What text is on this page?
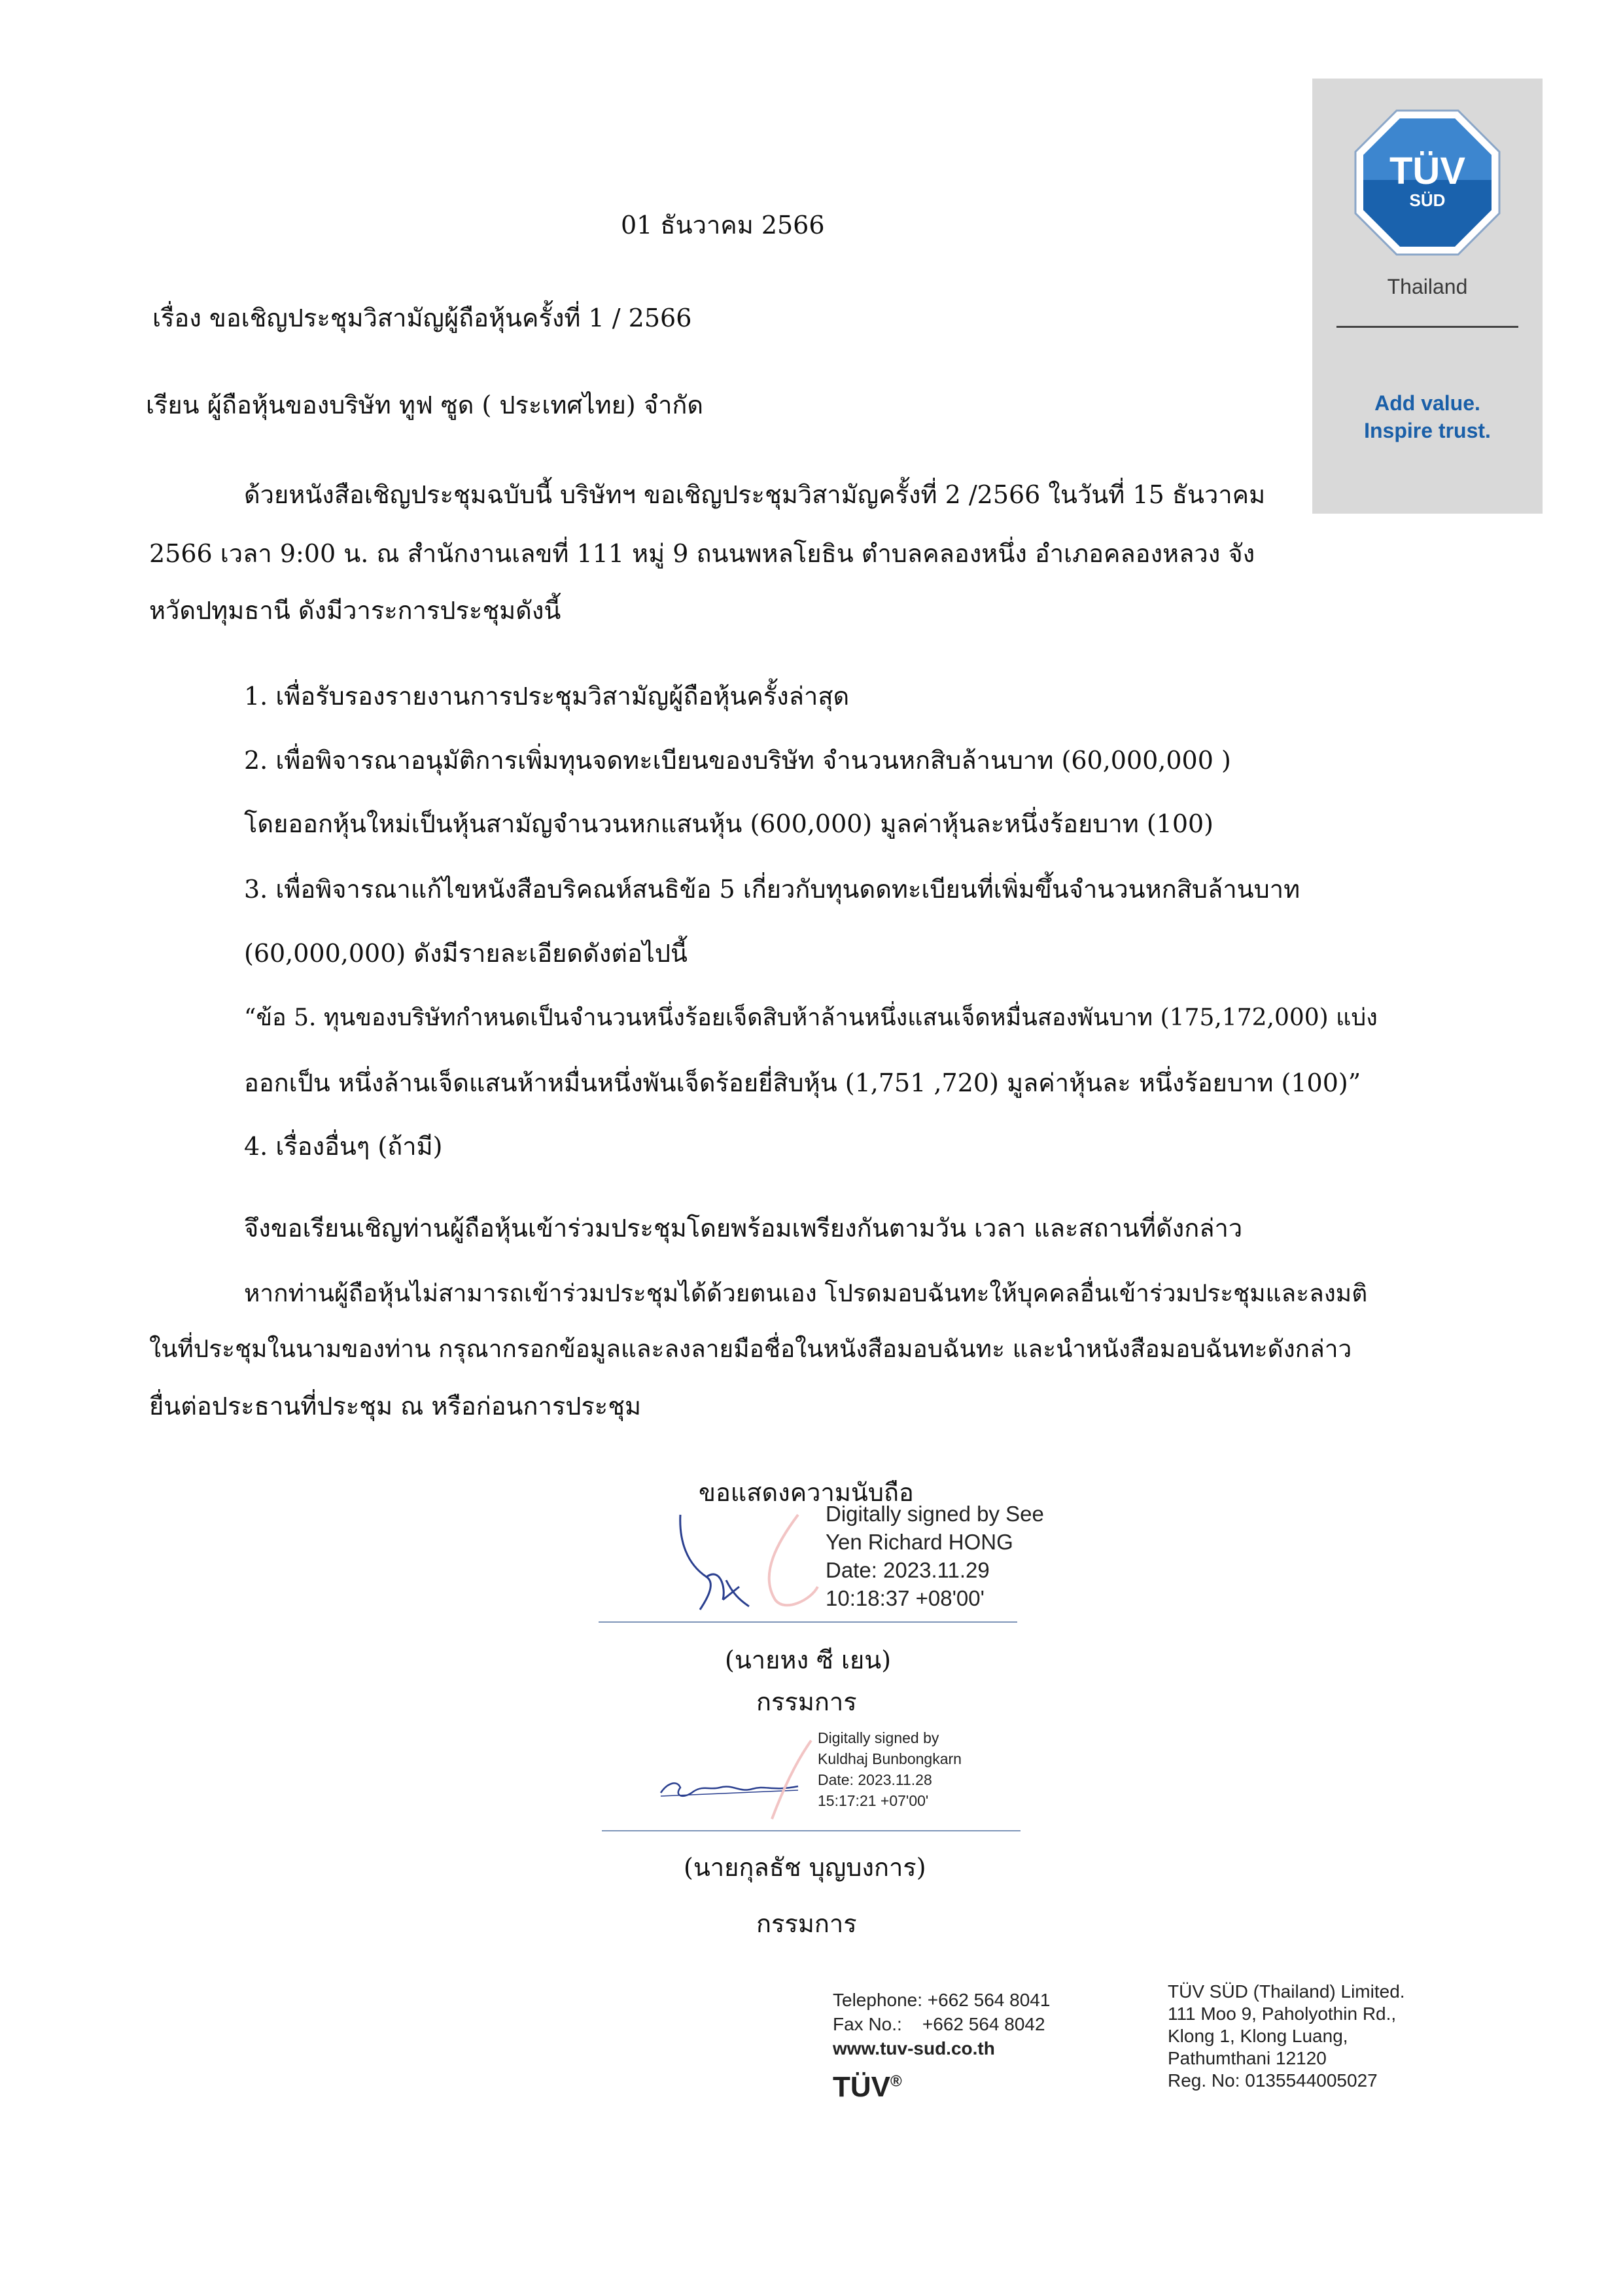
TÜV
SÜD
Thailand
Add value.
Inspire trust.
01 ธันวาคม 2566
เรื่อง ขอเชิญประชุมวิสามัญผู้ถือหุ้นครั้งที่ 1 / 2566
เรียน ผู้ถือหุ้นของบริษัท ทูฟ ซูด ( ประเทศไทย) จำกัด
ด้วยหนังสือเชิญประชุมฉบับนี้ บริษัทฯ ขอเชิญประชุมวิสามัญครั้งที่ 2 /2566 ในวันที่ 15 ธันวาคม
2566 เวลา 9:00 น. ณ สำนักงานเลขที่ 111 หมู่ 9 ถนนพหลโยธิน ตำบลคลองหนึ่ง อำเภอคลองหลวง จัง
หวัดปทุมธานี ดังมีวาระการประชุมดังนี้
1. เพื่อรับรองรายงานการประชุมวิสามัญผู้ถือหุ้นครั้งล่าสุด
2. เพื่อพิจารณาอนุมัติการเพิ่มทุนจดทะเบียนของบริษัท จำนวนหกสิบล้านบาท (60,000,000 )
โดยออกหุ้นใหม่เป็นหุ้นสามัญจำนวนหกแสนหุ้น (600,000) มูลค่าหุ้นละหนึ่งร้อยบาท (100)
3. เพื่อพิจารณาแก้ไขหนังสือบริคณห์สนธิข้อ 5 เกี่ยวกับทุนดดทะเบียนที่เพิ่มขึ้นจำนวนหกสิบล้านบาท
(60,000,000) ดังมีรายละเอียดดังต่อไปนี้
“ข้อ 5. ทุนของบริษัทกำหนดเป็นจำนวนหนึ่งร้อยเจ็ดสิบห้าล้านหนึ่งแสนเจ็ดหมื่นสองพันบาท (175,172,000) แบ่ง
ออกเป็น หนึ่งล้านเจ็ดแสนห้าหมื่นหนึ่งพันเจ็ดร้อยยี่สิบหุ้น (1,751 ,720) มูลค่าหุ้นละ หนึ่งร้อยบาท (100)”
4. เรื่องอื่นๆ (ถ้ามี)
จึงขอเรียนเชิญท่านผู้ถือหุ้นเข้าร่วมประชุมโดยพร้อมเพรียงกันตามวัน เวลา และสถานที่ดังกล่าว
หากท่านผู้ถือหุ้นไม่สามารถเข้าร่วมประชุมได้ด้วยตนเอง โปรดมอบฉันทะให้บุคคลอื่นเข้าร่วมประชุมและลงมติ
ในที่ประชุมในนามของท่าน กรุณากรอกข้อมูลและลงลายมือชื่อในหนังสือมอบฉันทะ และนำหนังสือมอบฉันทะดังกล่าว
ยื่นต่อประธานที่ประชุม ณ หรือก่อนการประชุม
ขอแสดงความนับถือ
Digitally signed by See
Yen Richard HONG
Date: 2023.11.29
10:18:37 +08'00'
(นายหง ซี เยน)
กรรมการ
Digitally signed by
Kuldhaj Bunbongkarn
Date: 2023.11.28
15:17:21 +07'00'
(นายกุลธัช บุญบงการ)
กรรมการ
Telephone: +662 564 8041
Fax No.:    +662 564 8042
www.tuv-sud.co.th
TÜV®
TÜV SÜD (Thailand) Limited.
111 Moo 9, Paholyothin Rd.,
Klong 1, Klong Luang,
Pathumthani 12120
Reg. No: 0135544005027
